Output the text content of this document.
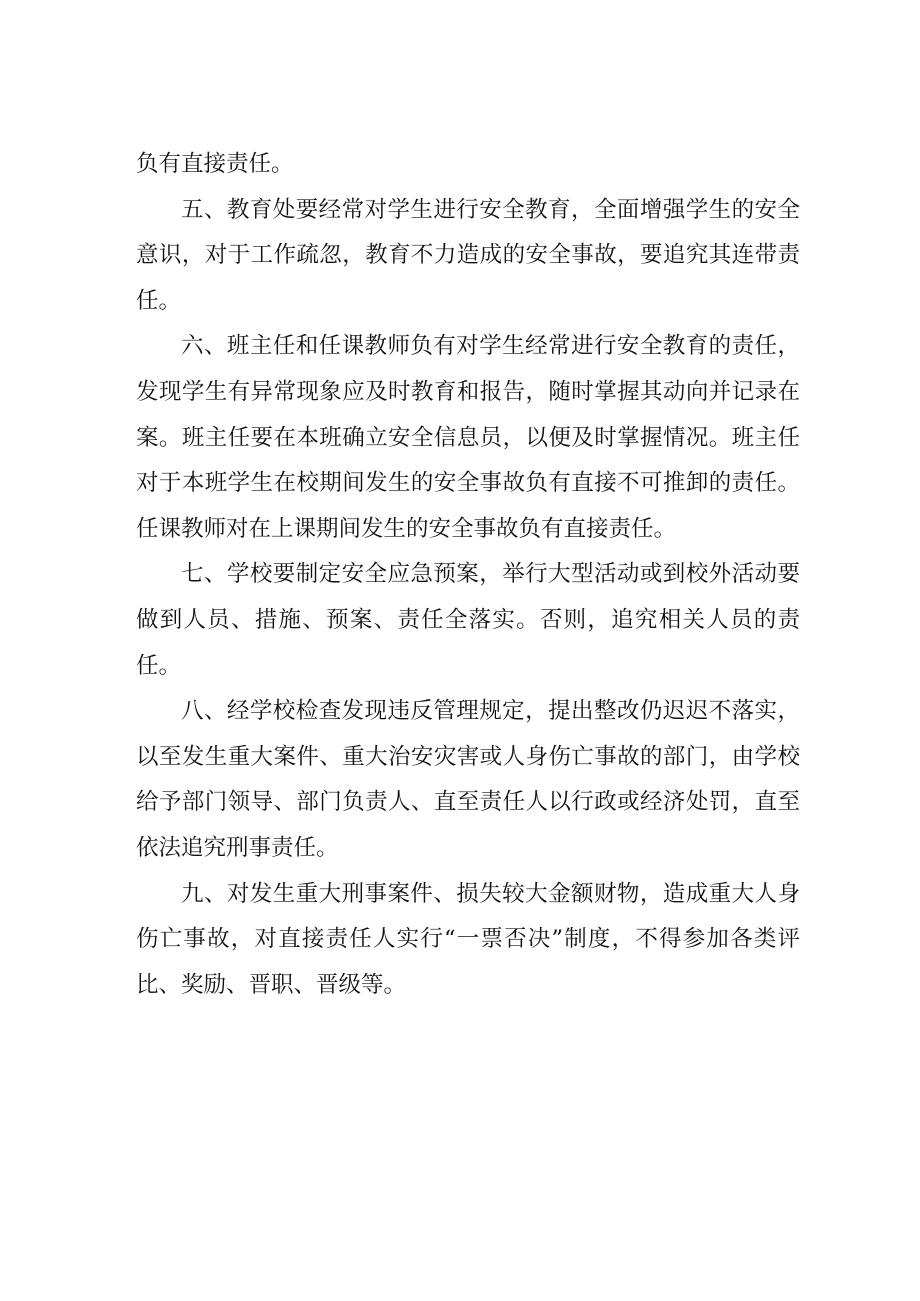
负有直接责任。

五、教育处要经常对学生进行安全教育，全面增强学生的安全意识，对于工作疏忽，教育不力造成的安全事故，要追究其连带责任。

六、班主任和任课教师负有对学生经常进行安全教育的责任，发现学生有异常现象应及时教育和报告，随时掌握其动向并记录在案。班主任要在本班确立安全信息员，以便及时掌握情况。班主任对于本班学生在校期间发生的安全事故负有直接不可推卸的责任。任课教师对在上课期间发生的安全事故负有直接责任。

七、学校要制定安全应急预案，举行大型活动或到校外活动要做到人员、措施、预案、责任全落实。否则，追究相关人员的责任。

八、经学校检查发现违反管理规定，提出整改仍迟迟不落实，以至发生重大案件、重大治安灾害或人身伤亡事故的部门，由学校给予部门领导、部门负责人、直至责任人以行政或经济处罚，直至依法追究刑事责任。

九、对发生重大刑事案件、损失较大金额财物，造成重大人身伤亡事故，对直接责任人实行“一票否决”制度，不得参加各类评比、奖励、晋职、晋级等。
